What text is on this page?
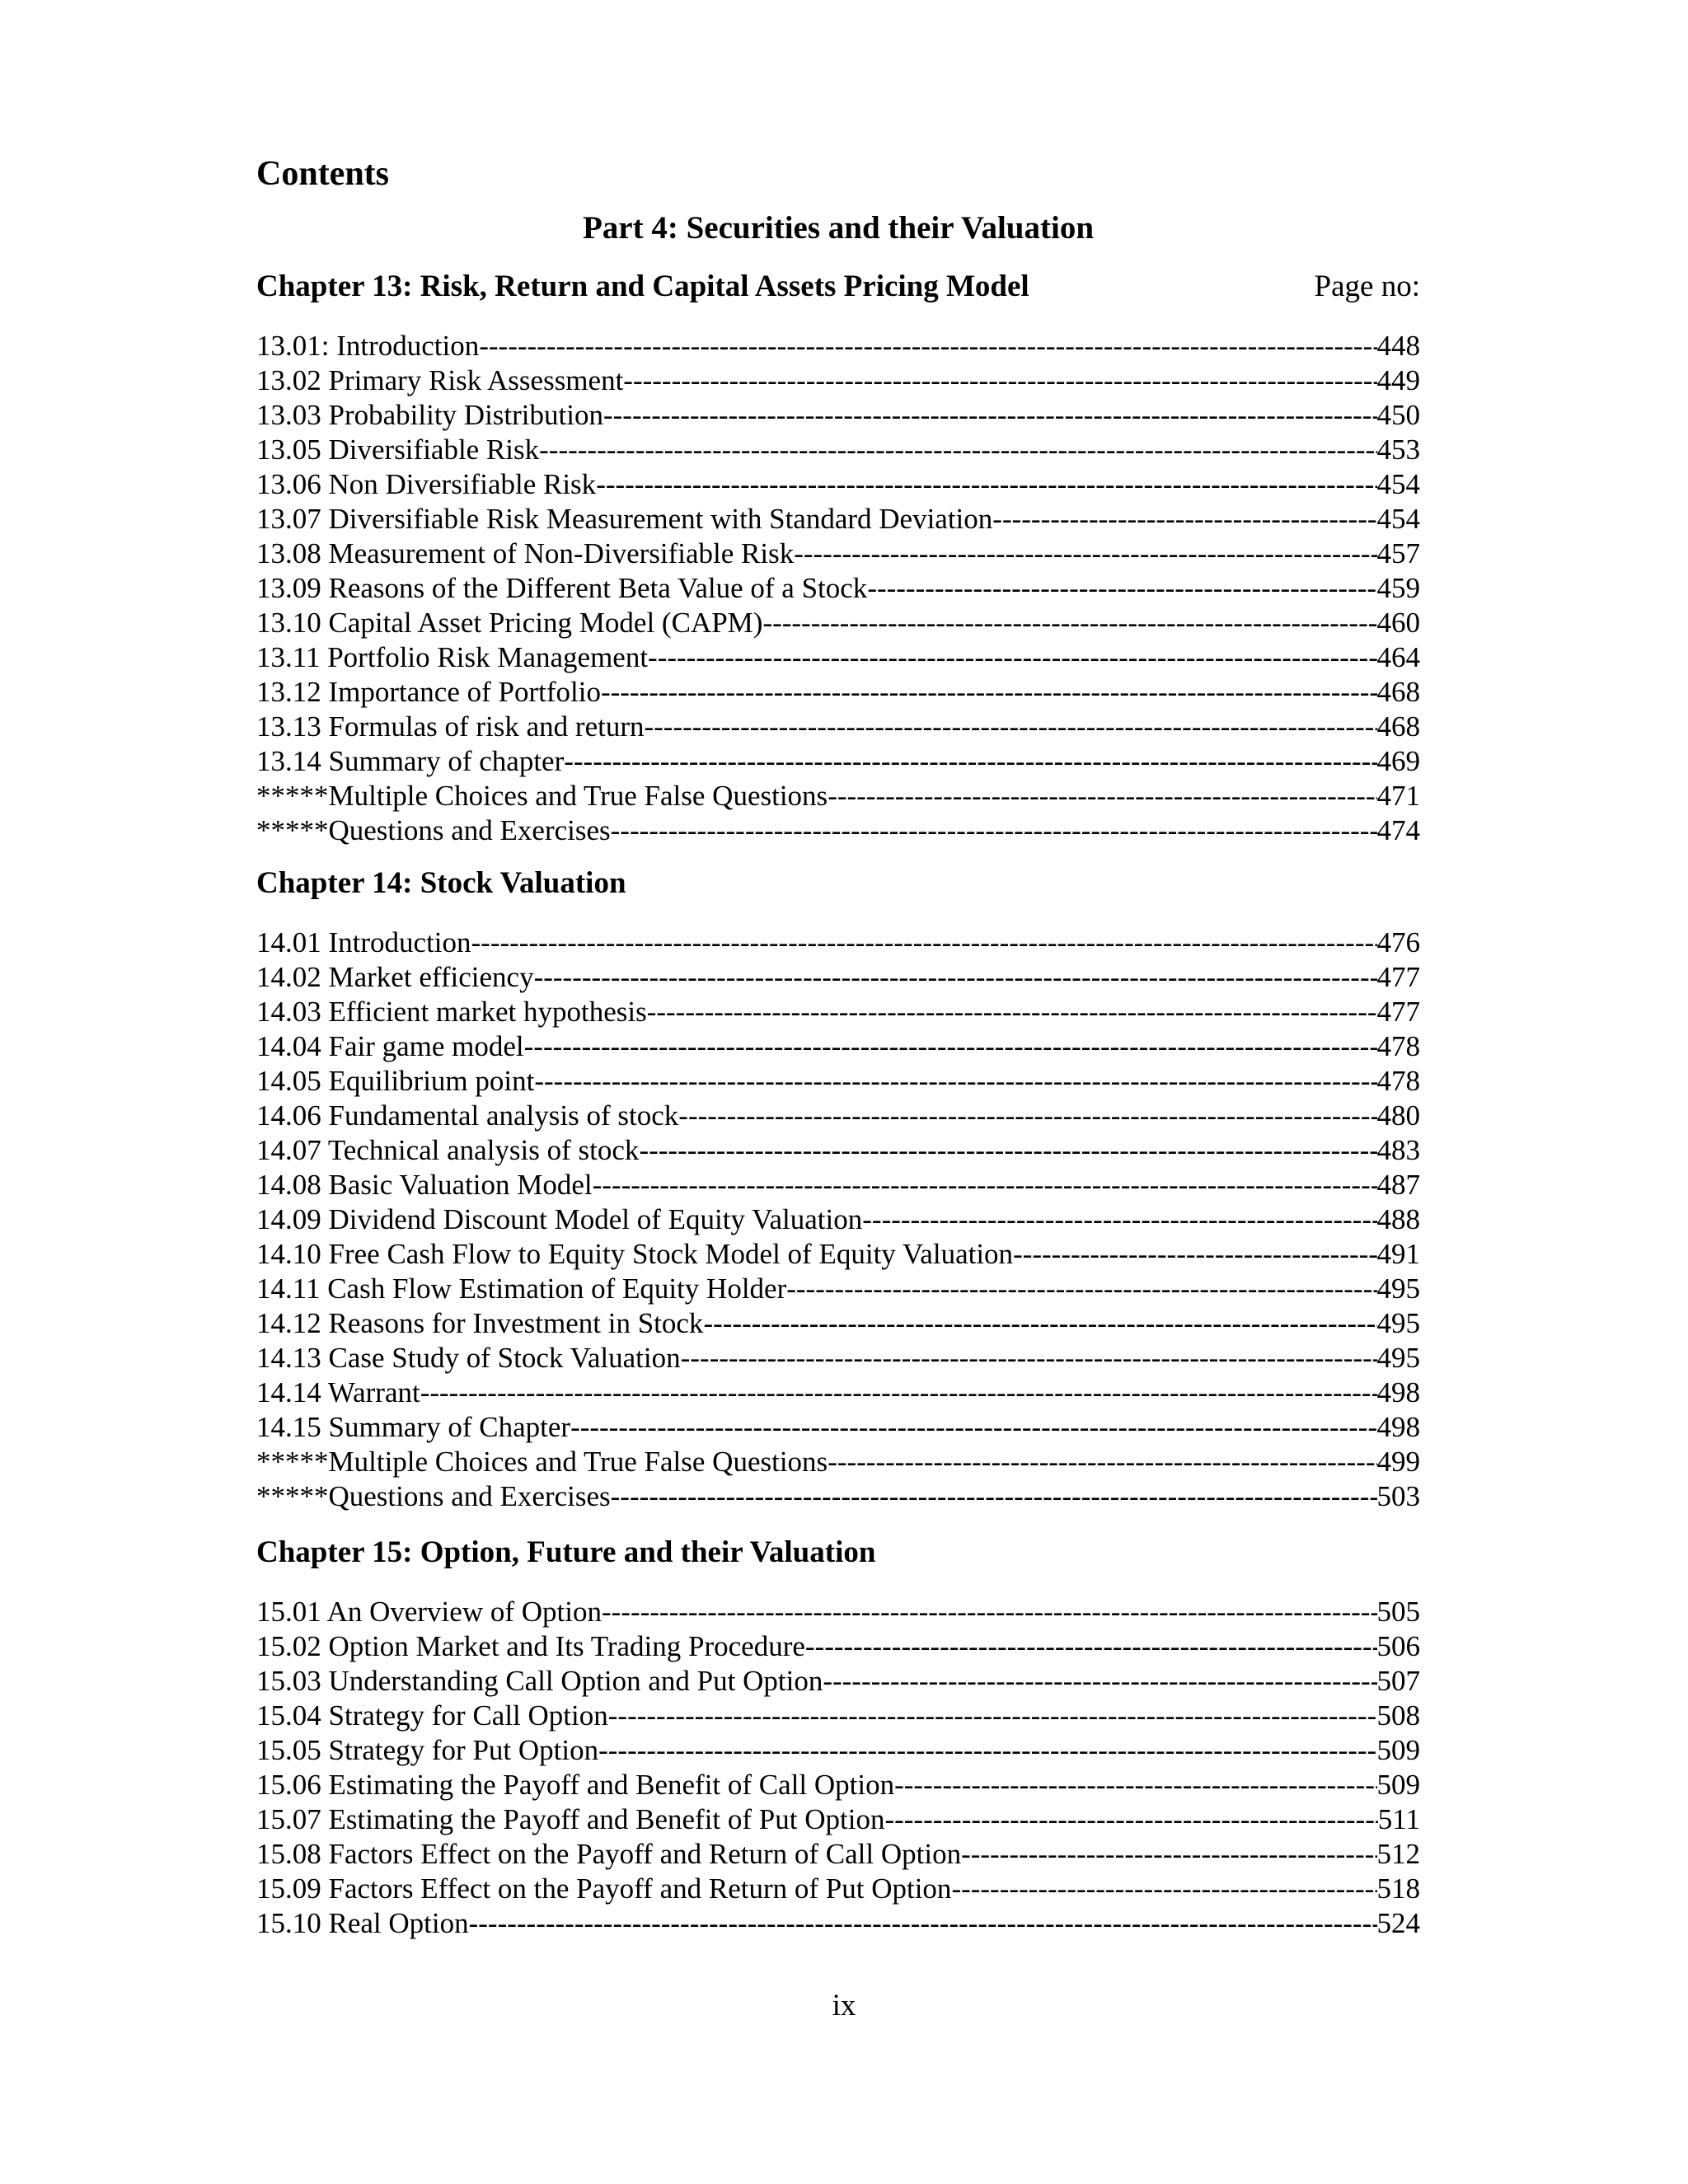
Contents
Part 4: Securities and their Valuation
Chapter 13: Risk, Return and Capital Assets Pricing Model	Page no:
13.01: Introduction -----	448
13.02 Primary Risk Assessment -----	449
13.03 Probability Distribution -----	450
13.05 Diversifiable Risk -----	453
13.06 Non Diversifiable Risk -----	454
13.07 Diversifiable Risk Measurement with Standard Deviation -----	454
13.08 Measurement of Non-Diversifiable Risk -----	457
13.09 Reasons of the Different Beta Value of a Stock -----	459
13.10 Capital Asset Pricing Model (CAPM) -----	460
13.11 Portfolio Risk Management -----	464
13.12 Importance of Portfolio -----	468
13.13 Formulas of risk and return -----	468
13.14 Summary of chapter -----	469
*****Multiple Choices and True False Questions -----	471
*****Questions and Exercises -----	474
Chapter 14: Stock Valuation
14.01 Introduction -----	476
14.02 Market efficiency -----	477
14.03 Efficient market hypothesis -----	477
14.04 Fair game model -----	478
14.05 Equilibrium point -----	478
14.06 Fundamental analysis of stock -----	480
14.07 Technical analysis of stock -----	483
14.08 Basic Valuation Model -----	487
14.09 Dividend Discount Model of Equity Valuation -----	488
14.10 Free Cash Flow to Equity Stock Model of Equity Valuation -----	491
14.11 Cash Flow Estimation of Equity Holder -----	495
14.12 Reasons for Investment in Stock -----	495
14.13 Case Study of Stock Valuation -----	495
14.14 Warrant -----	498
14.15 Summary of Chapter -----	498
*****Multiple Choices and True False Questions -----	499
*****Questions and Exercises -----	503
Chapter 15: Option, Future and their Valuation
15.01 An Overview of Option -----	505
15.02 Option Market and Its Trading Procedure -----	506
15.03 Understanding Call Option and Put Option -----	507
15.04 Strategy for Call Option -----	508
15.05 Strategy for Put Option -----	509
15.06 Estimating the Payoff and Benefit of Call Option -----	509
15.07 Estimating the Payoff and Benefit of Put Option -----	511
15.08 Factors Effect on the Payoff and Return of Call Option -----	512
15.09 Factors Effect on the Payoff and Return of Put Option -----	518
15.10 Real Option -----	524
ix
